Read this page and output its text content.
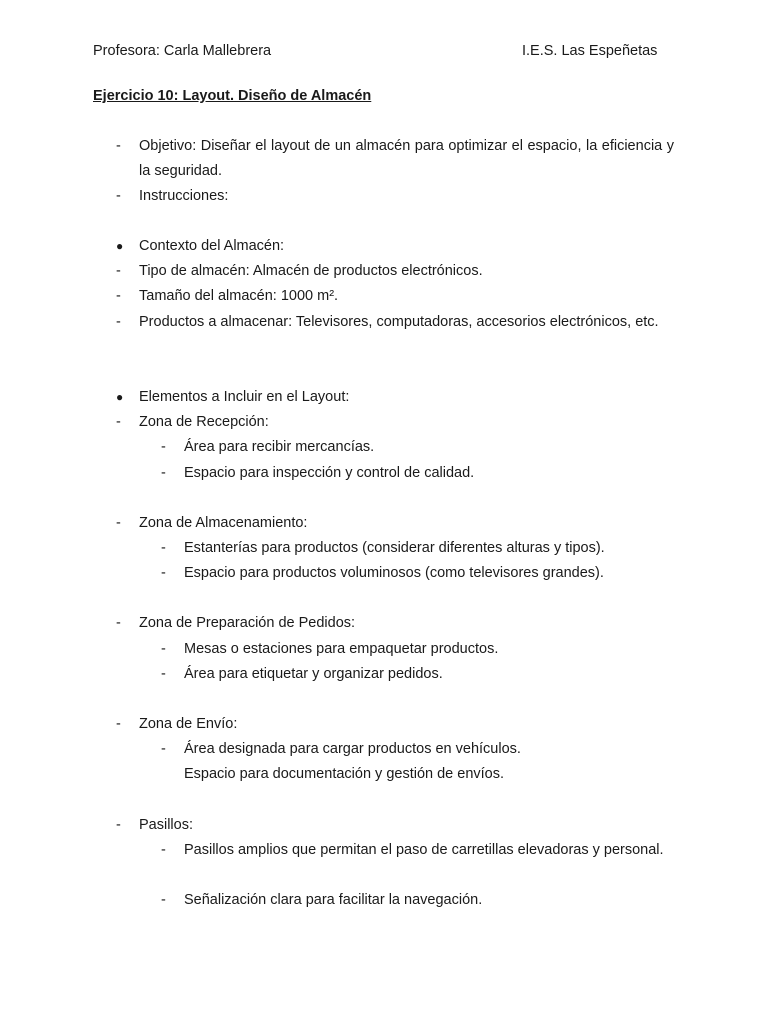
Profesora: Carla Mallebrera	I.E.S. Las Espeñetas
Ejercicio 10: Layout. Diseño de Almacén
-	Objetivo: Diseñar el layout de un almacén para optimizar el espacio, la eficiencia y la seguridad.
-	Instrucciones:
●	Contexto del Almacén:
-	Tipo de almacén: Almacén de productos electrónicos.
-	Tamaño del almacén: 1000 m².
-	Productos a almacenar: Televisores, computadoras, accesorios electrónicos, etc.
●	Elementos a Incluir en el Layout:
-	Zona de Recepción:
-	Área para recibir mercancías.
-	Espacio para inspección y control de calidad.
-	Zona de Almacenamiento:
-	Estanterías para productos (considerar diferentes alturas y tipos).
-	Espacio para productos voluminosos (como televisores grandes).
-	Zona de Preparación de Pedidos:
-	Mesas o estaciones para empaquetar productos.
-	Área para etiquetar y organizar pedidos.
-	Zona de Envío:
-	Área designada para cargar productos en vehículos.
Espacio para documentación y gestión de envíos.
-	Pasillos:
-	Pasillos amplios que permitan el paso de carretillas elevadoras y personal.
-	Señalización clara para facilitar la navegación.
